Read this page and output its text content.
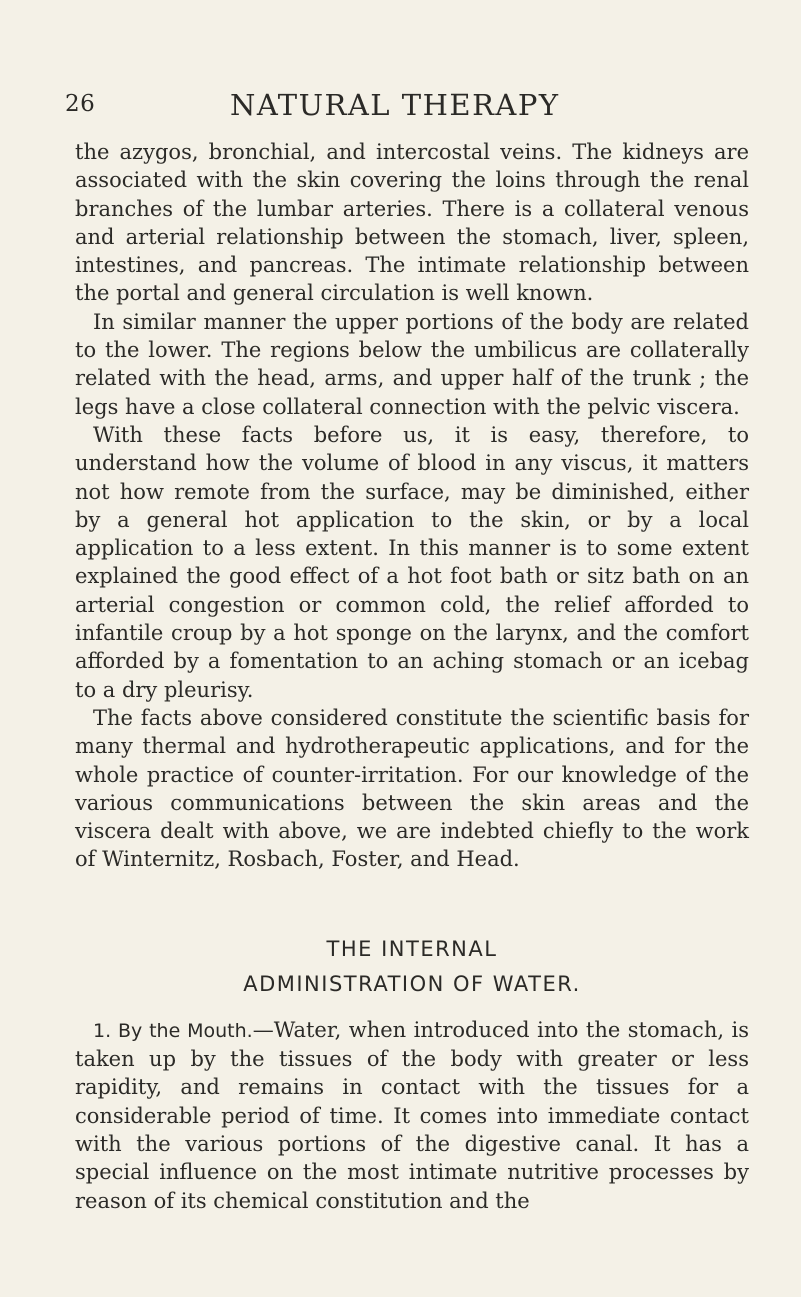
26	NATURAL THERAPY

the azygos, bronchial, and intercostal veins. The kidneys are associated with the skin covering the loins through the renal branches of the lumbar arteries. There is a collateral venous and arterial relationship between the stomach, liver, spleen, intestines, and pancreas. The intimate relationship between the portal and general circulation is well known.

In similar manner the upper portions of the body are related to the lower. The regions below the umbilicus are collaterally related with the head, arms, and upper half of the trunk ; the legs have a close collateral connection with the pelvic viscera.

With these facts before us, it is easy, therefore, to understand how the volume of blood in any viscus, it matters not how remote from the surface, may be diminished, either by a general hot application to the skin, or by a local application to a less extent. In this manner is to some extent explained the good effect of a hot foot bath or sitz bath on an arterial congestion or common cold, the relief afforded to infantile croup by a hot sponge on the larynx, and the comfort afforded by a fomentation to an aching stomach or an icebag to a dry pleurisy.

The facts above considered constitute the scientific basis for many thermal and hydrotherapeutic applications, and for the whole practice of counter-irritation. For our knowledge of the various communications between the skin areas and the viscera dealt with above, we are indebted chiefly to the work of Winternitz, Rosbach, Foster, and Head.

THE INTERNAL
ADMINISTRATION OF WATER.

1. By the Mouth.—Water, when introduced into the stomach, is taken up by the tissues of the body with greater or less rapidity, and remains in contact with the tissues for a considerable period of time. It comes into immediate contact with the various portions of the digestive canal. It has a special influence on the most intimate nutritive processes by reason of its chemical constitution and the
